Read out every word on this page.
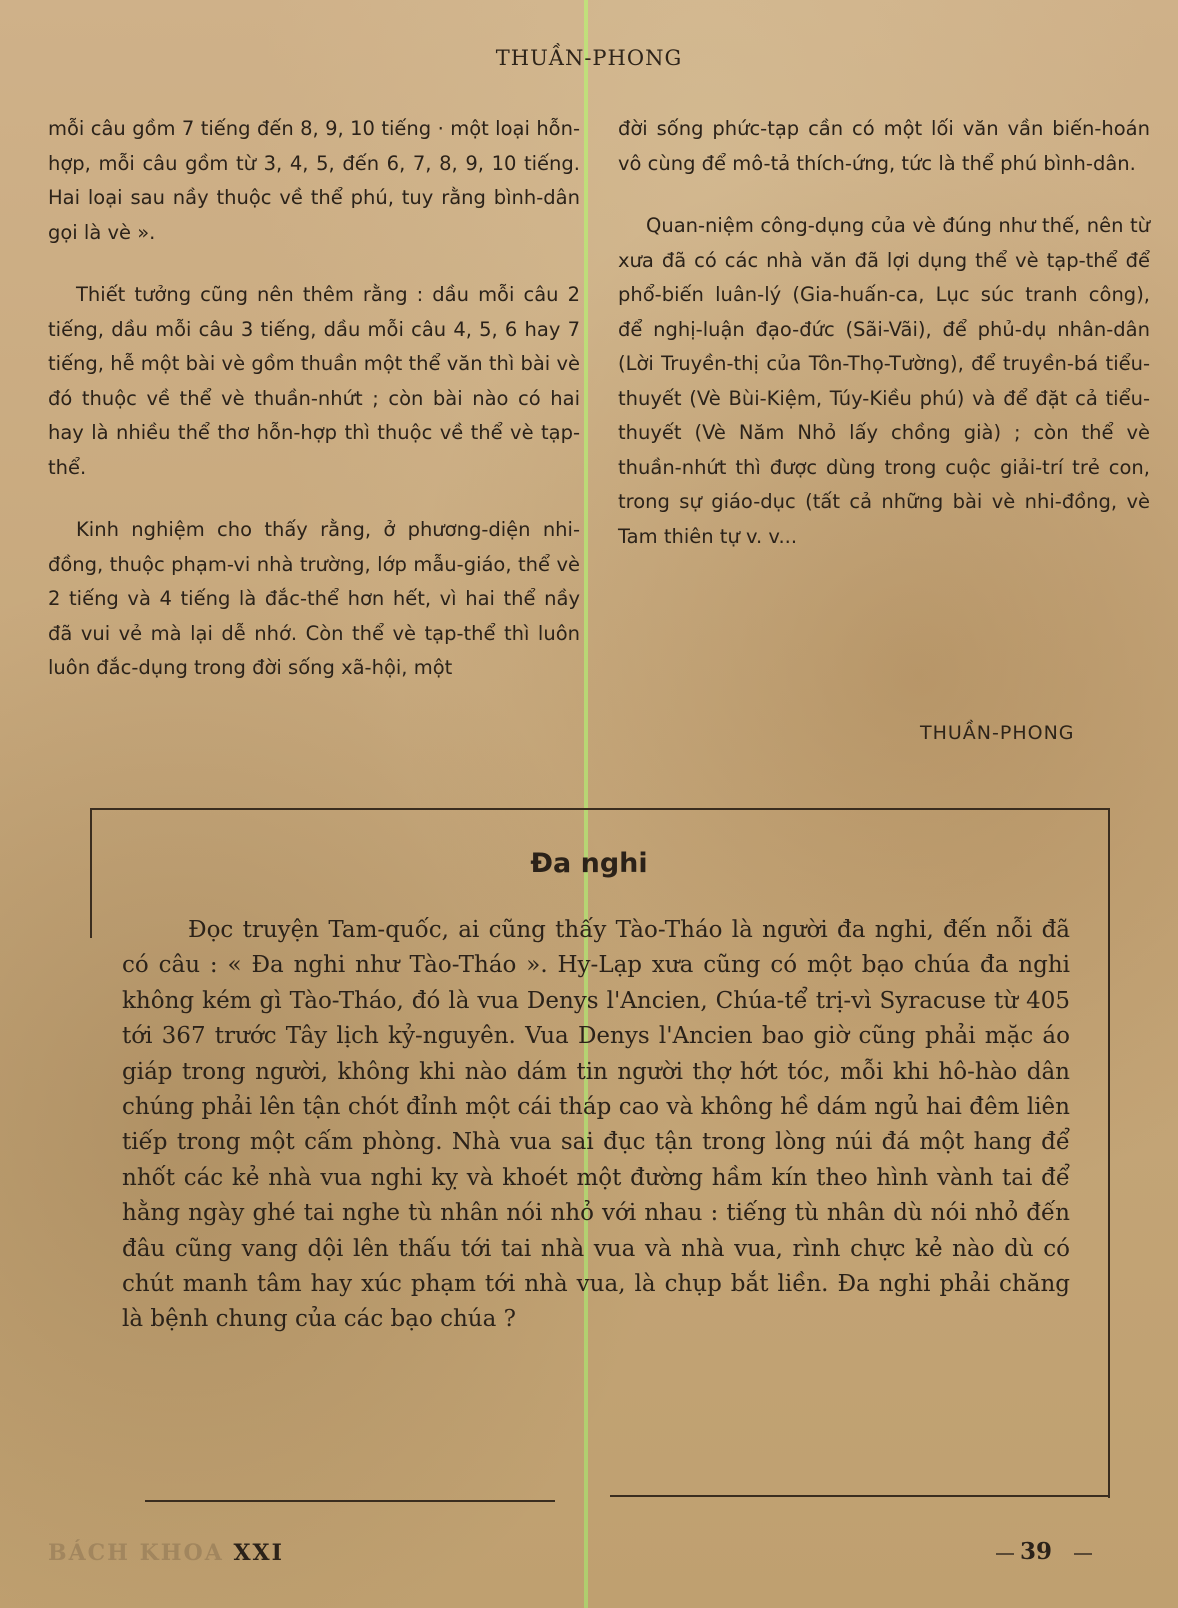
THUẦN-PHONG

mỗi câu gồm 7 tiếng đến 8, 9, 10 tiếng · một loại hỗn-hợp, mỗi câu gồm từ 3, 4, 5, đến 6, 7, 8, 9, 10 tiếng. Hai loại sau nầy thuộc về thể phú, tuy rằng bình-dân gọi là vè ».

Thiết tưởng cũng nên thêm rằng : dầu mỗi câu 2 tiếng, dầu mỗi câu 3 tiếng, dầu mỗi câu 4, 5, 6 hay 7 tiếng, hễ một bài vè gồm thuần một thể văn thì bài vè đó thuộc về thể vè thuần-nhứt ; còn bài nào có hai hay là nhiều thể thơ hỗn-hợp thì thuộc về thể vè tạp-thể.

Kinh nghiệm cho thấy rằng, ở phương-diện nhi-đồng, thuộc phạm-vi nhà trường, lớp mẫu-giáo, thể vè 2 tiếng và 4 tiếng là đắc-thể hơn hết, vì hai thể nầy đã vui vẻ mà lại dễ nhớ. Còn thể vè tạp-thể thì luôn luôn đắc-dụng trong đời sống xã-hội, một

đời sống phức-tạp cần có một lối văn vần biến-hoán vô cùng để mô-tả thích-ứng, tức là thể phú bình-dân.

Quan-niệm công-dụng của vè đúng như thế, nên từ xưa đã có các nhà văn đã lợi dụng thể vè tạp-thể để phổ-biến luân-lý (Gia-huấn-ca, Lục súc tranh công), để nghị-luận đạo-đức (Sãi-Vãi), để phủ-dụ nhân-dân (Lời Truyền-thị của Tôn-Thọ-Tường), để truyền-bá tiểu-thuyết (Vè Bùi-Kiệm, Túy-Kiều phú) và để đặt cả tiểu-thuyết (Vè Năm Nhỏ lấy chồng già) ; còn thể vè thuần-nhứt thì được dùng trong cuộc giải-trí trẻ con, trong sự giáo-dục (tất cả những bài vè nhi-đồng, vè Tam thiên tự v. v...

THUẦN-PHONG
Đa nghi

Đọc truyện Tam-quốc, ai cũng thấy Tào-Tháo là người đa nghi, đến nỗi đã có câu : « Đa nghi như Tào-Tháo ». Hy-Lạp xưa cũng có một bạo chúa đa nghi không kém gì Tào-Tháo, đó là vua Denys l'Ancien, Chúa-tể trị-vì Syracuse từ 405 tới 367 trước Tây lịch kỷ-nguyên. Vua Denys l'Ancien bao giờ cũng phải mặc áo giáp trong người, không khi nào dám tin người thợ hớt tóc, mỗi khi hô-hào dân chúng phải lên tận chót đỉnh một cái tháp cao và không hề dám ngủ hai đêm liên tiếp trong một cấm phòng. Nhà vua sai đục tận trong lòng núi đá một hang để nhốt các kẻ nhà vua nghi kỵ và khoét một đường hầm kín theo hình vành tai để hằng ngày ghé tai nghe tù nhân nói nhỏ với nhau : tiếng tù nhân dù nói nhỏ đến đâu cũng vang dội lên thấu tới tai nhà vua và nhà vua, rình chực kẻ nào dù có chút manh tâm hay xúc phạm tới nhà vua, là chụp bắt liền. Đa nghi phải chăng là bệnh chung của các bạo chúa ?

BÁCH KHOA XXI	39
